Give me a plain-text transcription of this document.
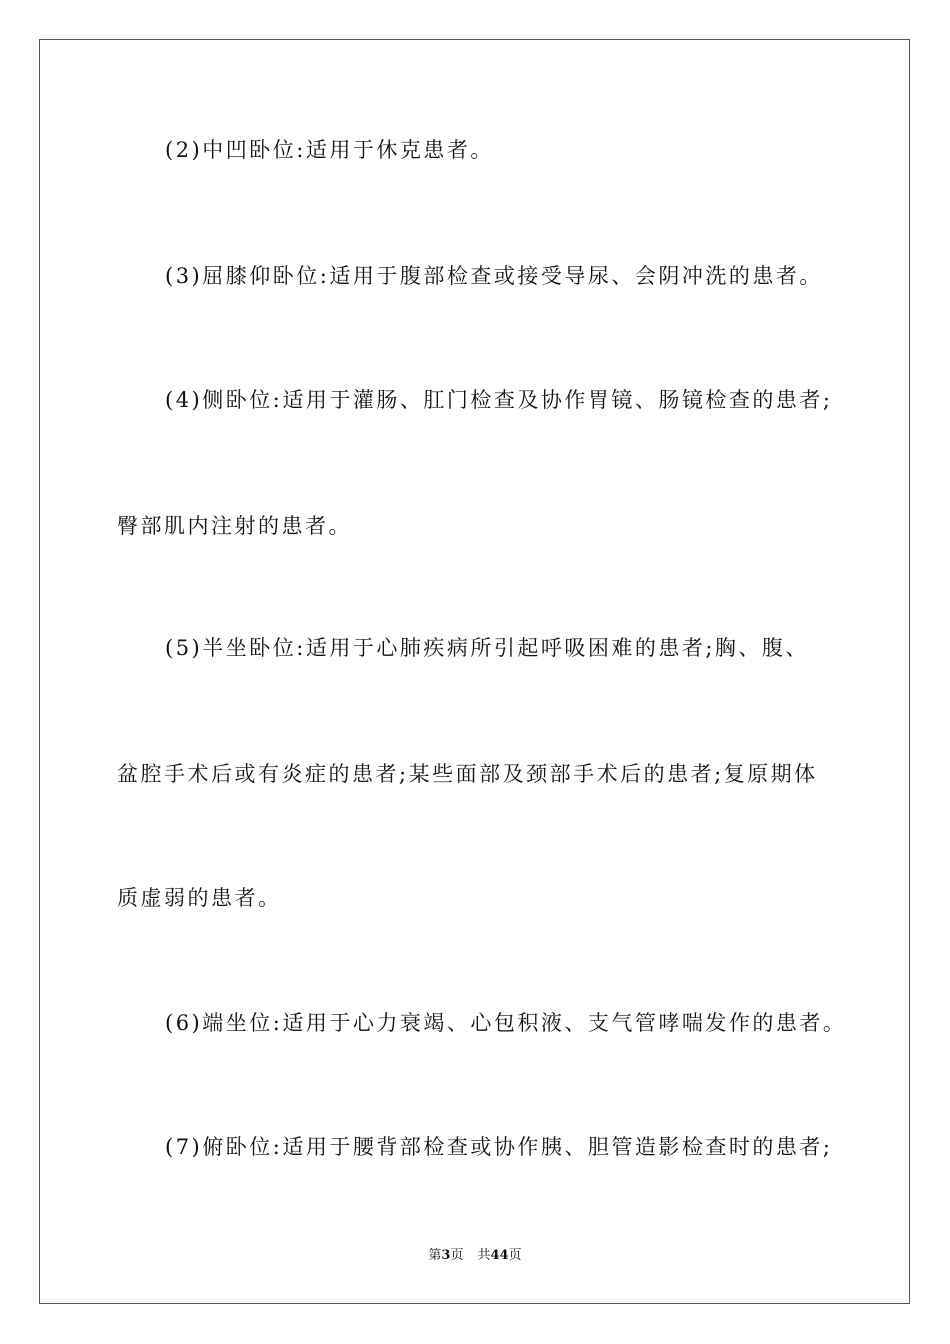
(2)中凹卧位:适用于休克患者。
(3)屈膝仰卧位:适用于腹部检查或接受导尿、会阴冲洗的患者。
(4)侧卧位:适用于灌肠、肛门检查及协作胃镜、肠镜检查的患者;
臀部肌内注射的患者。
(5)半坐卧位:适用于心肺疾病所引起呼吸困难的患者;胸、腹、
盆腔手术后或有炎症的患者;某些面部及颈部手术后的患者;复原期体
质虚弱的患者。
(6)端坐位:适用于心力衰竭、心包积液、支气管哮喘发作的患者。
(7)俯卧位:适用于腰背部检查或协作胰、胆管造影检查时的患者;
第3页 共44页
